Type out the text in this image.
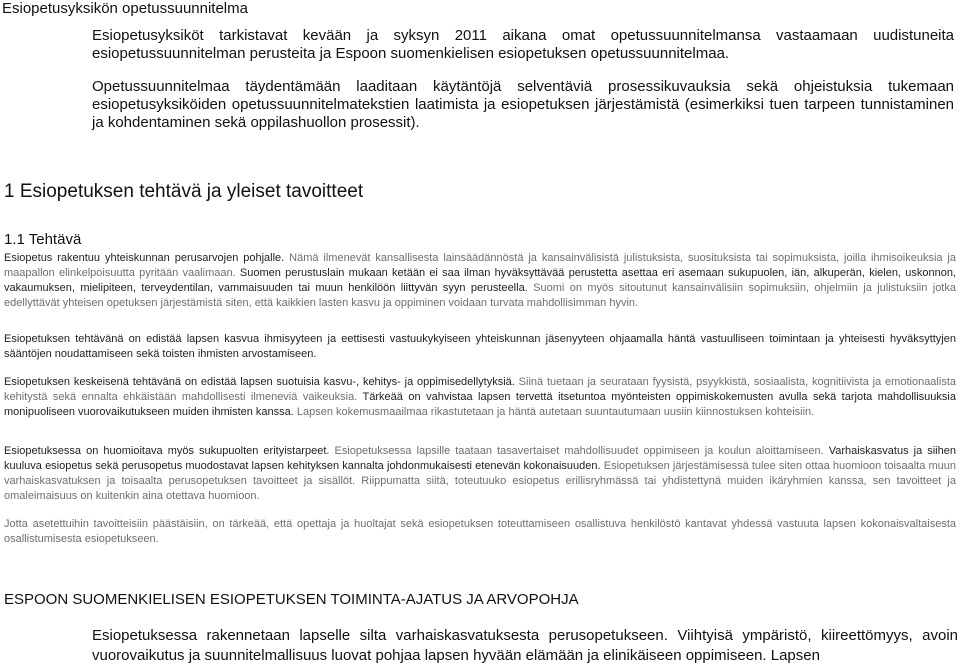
Esiopetusyksikön opetussuunnitelma

Esiopetusyksiköt tarkistavat kevään ja syksyn 2011 aikana omat opetussuunnitelmansa vastaamaan uudistuneita esiopetussuunnitelman perusteita ja Espoon suomenkielisen esiopetuksen opetussuunnitelmaa.

Opetussuunnitelmaa täydentämään laaditaan käytäntöjä selventäviä prosessikuvauksia sekä ohjeistuksia tukemaan esiopetusyksiköiden opetussuunnitelmatekstien laatimista ja esiopetuksen järjestämistä (esimerkiksi tuen tarpeen tunnistaminen ja kohdentaminen sekä oppilashuollon prosessit).

1 Esiopetuksen tehtävä ja yleiset tavoitteet
1.1 Tehtävä

Esiopetus rakentuu yhteiskunnan perusarvojen pohjalle. Nämä ilmenevät kansallisesta lainsäädännöstä ja kansainvälisistä julistuksista, suosituksista tai sopimuksista, joilla ihmisoikeuksia ja maapallon elinkelpoisuutta pyritään vaalimaan. Suomen perustuslain mukaan ketään ei saa ilman hyväksyttävää perustetta asettaa eri asemaan sukupuolen, iän, alkuperän, kielen, uskonnon, vakaumuksen, mielipiteen, terveydentilan, vammaisuuden tai muun henkilöön liittyvän syyn perusteella. Suomi on myös sitoutunut kansainvälisiin sopimuksiin, ohjelmiin ja julistuksiin jotka edellyttävät yhteisen opetuksen järjestämistä siten, että kaikkien lasten kasvu ja oppiminen voidaan turvata mahdollisimman hyvin.

Esiopetuksen tehtävänä on edistää lapsen kasvua ihmisyyteen ja eettisesti vastuukykyiseen yhteiskunnan jäsenyyteen ohjaamalla häntä vastuulliseen toimintaan ja yhteisesti hyväksyttyjen sääntöjen noudattamiseen sekä toisten ihmisten arvostamiseen.

Esiopetuksen keskeisenä tehtävänä on edistää lapsen suotuisia kasvu-, kehitys- ja oppimisedellytyksiä. Siinä tuetaan ja seurataan fyysistä, psyykkistä, sosiaalista, kognitiivista ja emotionaalista kehitystä sekä ennalta ehkäistään mahdollisesti ilmeneviä vaikeuksia. Tärkeää on vahvistaa lapsen tervettä itsetuntoa myönteisten oppimiskokemusten avulla sekä tarjota mahdollisuuksia monipuoliseen vuorovaikutukseen muiden ihmisten kanssa. Lapsen kokemusmaailmaa rikastutetaan ja häntä autetaan suuntautumaan uusiin kiinnostuksen kohteisiin.

Esiopetuksessa on huomioitava myös sukupuolten erityistarpeet. Esiopetuksessa lapsille taataan tasavertaiset mahdollisuudet oppimiseen ja koulun aloittamiseen. Varhaiskasvatus ja siihen kuuluva esiopetus sekä perusopetus muodostavat lapsen kehityksen kannalta johdonmukaisesti etenevän kokonaisuuden. Esiopetuksen järjestämisessä tulee siten ottaa huomioon toisaalta muun varhaiskasvatuksen ja toisaalta perusopetuksen tavoitteet ja sisällöt. Riippumatta siitä, toteutuuko esiopetus erillisryhmässä tai yhdistettynä muiden ikäryhmien kanssa, sen tavoitteet ja omaleimaisuus on kuitenkin aina otettava huomioon.

Jotta asetettuihin tavoitteisiin päästäisiin, on tärkeää, että opettaja ja huoltajat sekä esiopetuksen toteuttamiseen osallistuva henkilöstö kantavat yhdessä vastuuta lapsen kokonaisvaltaisesta osallistumisesta esiopetukseen.

ESPOON SUOMENKIELISEN ESIOPETUKSEN TOIMINTA-AJATUS JA ARVOPOHJA

Esiopetuksessa rakennetaan lapselle silta varhaiskasvatuksesta perusopetukseen. Viihtyisä ympäristö, kiireettömyys, avoin vuorovaikutus ja suunnitelmallisuus luovat pohjaa lapsen hyvään elämään ja elinikäiseen oppimiseen. Lapsen
